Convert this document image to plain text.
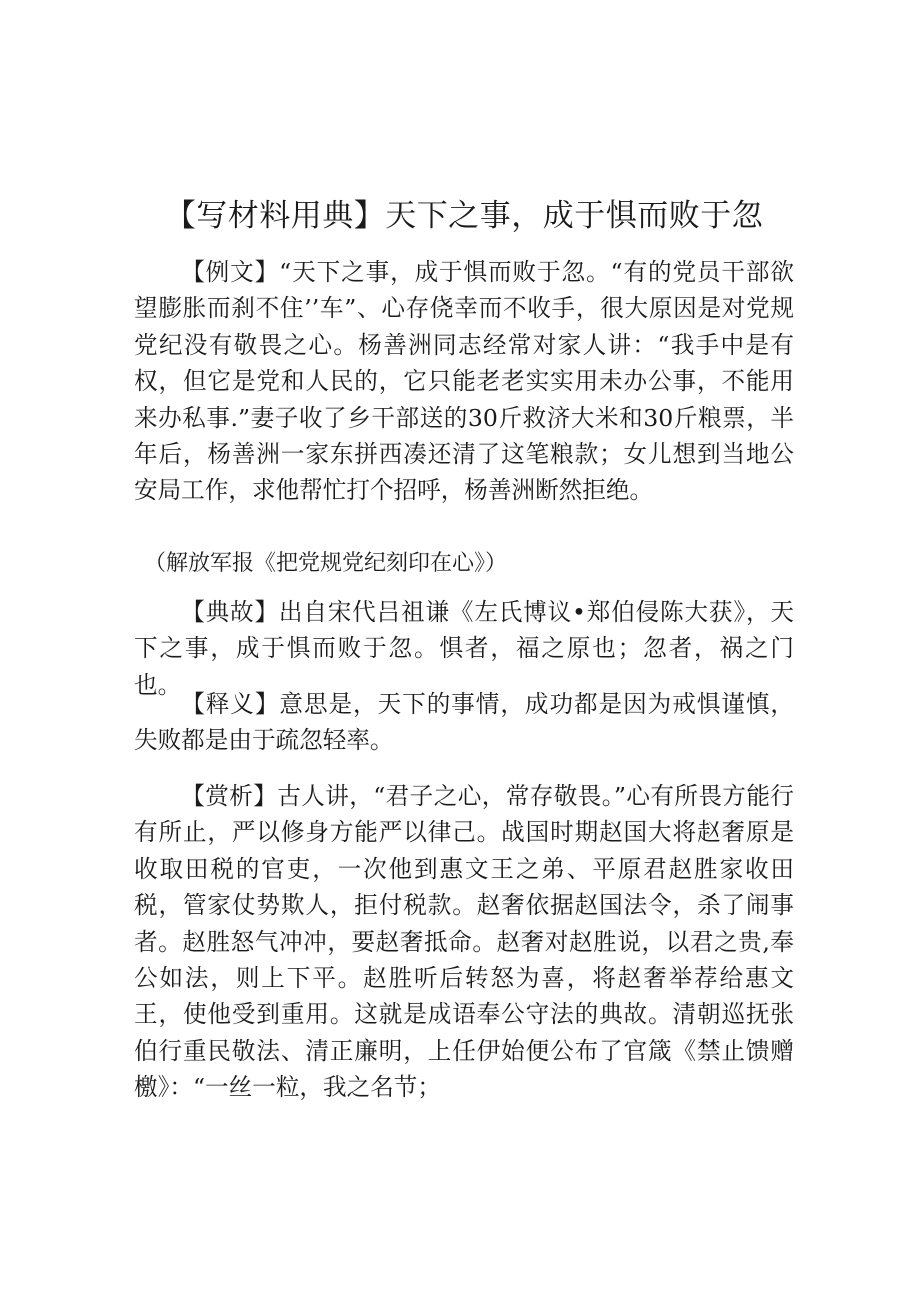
【写材料用典】天下之事，成于惧而败于忽

【例文】“天下之事，成于惧而败于忽。“有的党员干部欲望膨胀而刹不住’’车”、心存侥幸而不收手，很大原因是对党规党纪没有敬畏之心。杨善洲同志经常对家人讲：“我手中是有权，但它是党和人民的，它只能老老实实用未办公事，不能用来办私事.”妻子收了乡干部送的30斤救济大米和30斤粮票，半年后，杨善洲一家东拼西凑还清了这笔粮款；女儿想到当地公安局工作，求他帮忙打个招呼，杨善洲断然拒绝。

（解放军报《把党规党纪刻印在心》）

【典故】出自宋代吕祖谦《左氏博议•郑伯侵陈大获》，天下之事，成于惧而败于忽。惧者，福之原也；忽者，祸之门也。

【释义】意思是，天下的事情，成功都是因为戒惧谨慎，失败都是由于疏忽轻率。

【赏析】古人讲，“君子之心，常存敬畏。”心有所畏方能行有所止，严以修身方能严以律己。战国时期赵国大将赵奢原是收取田税的官吏，一次他到惠文王之弟、平原君赵胜家收田税，管家仗势欺人，拒付税款。赵奢依据赵国法令，杀了闹事者。赵胜怒气冲冲，要赵奢抵命。赵奢对赵胜说，以君之贵,奉公如法，则上下平。赵胜听后转怒为喜，将赵奢举荐给惠文王，使他受到重用。这就是成语奉公守法的典故。清朝巡抚张伯行重民敬法、清正廉明，上任伊始便公布了官箴《禁止馈赠檄》：“一丝一粒，我之名节；
